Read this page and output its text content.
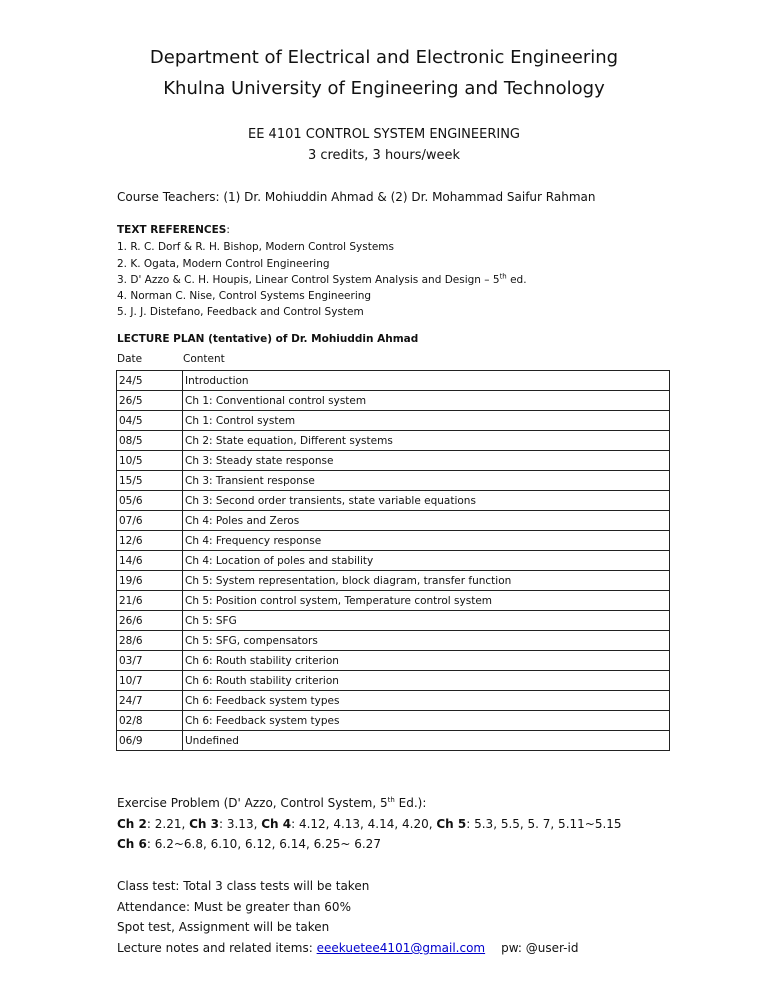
Department of Electrical and Electronic Engineering
Khulna University of Engineering and Technology
EE 4101 CONTROL SYSTEM ENGINEERING
3 credits, 3 hours/week
Course Teachers: (1) Dr. Mohiuddin Ahmad & (2) Dr. Mohammad Saifur Rahman
TEXT REFERENCES:
1. R. C. Dorf & R. H. Bishop, Modern Control Systems
2. K. Ogata, Modern Control Engineering
3. D' Azzo & C. H. Houpis, Linear Control System Analysis and Design – 5th ed.
4. Norman C. Nise, Control Systems Engineering
5. J. J. Distefano, Feedback and Control System
LECTURE PLAN (tentative) of Dr. Mohiuddin Ahmad
Date	Content
24/5	Introduction
26/5	Ch 1: Conventional control system
04/5	Ch 1: Control system
08/5	Ch 2: State equation, Different systems
10/5	Ch 3: Steady state response
15/5	Ch 3: Transient response
05/6	Ch 3: Second order transients, state variable equations
07/6	Ch 4: Poles and Zeros
12/6	Ch 4: Frequency response
14/6	Ch 4: Location of poles and stability
19/6	Ch 5: System representation, block diagram, transfer function
21/6	Ch 5: Position control system, Temperature control system
26/6	Ch 5: SFG
28/6	Ch 5: SFG, compensators
03/7	Ch 6: Routh stability criterion
10/7	Ch 6: Routh stability criterion
24/7	Ch 6: Feedback system types
02/8	Ch 6: Feedback system types
06/9	Undefined
Exercise Problem (D' Azzo, Control System, 5th Ed.):
Ch 2: 2.21, Ch 3: 3.13, Ch 4: 4.12, 4.13, 4.14, 4.20, Ch 5: 5.3, 5.5, 5. 7, 5.11~5.15
Ch 6: 6.2~6.8, 6.10, 6.12, 6.14, 6.25~ 6.27
Class test: Total 3 class tests will be taken
Attendance: Must be greater than 60%
Spot test, Assignment will be taken
Lecture notes and related items: eeekuetee4101@gmail.com pw: @user-id
